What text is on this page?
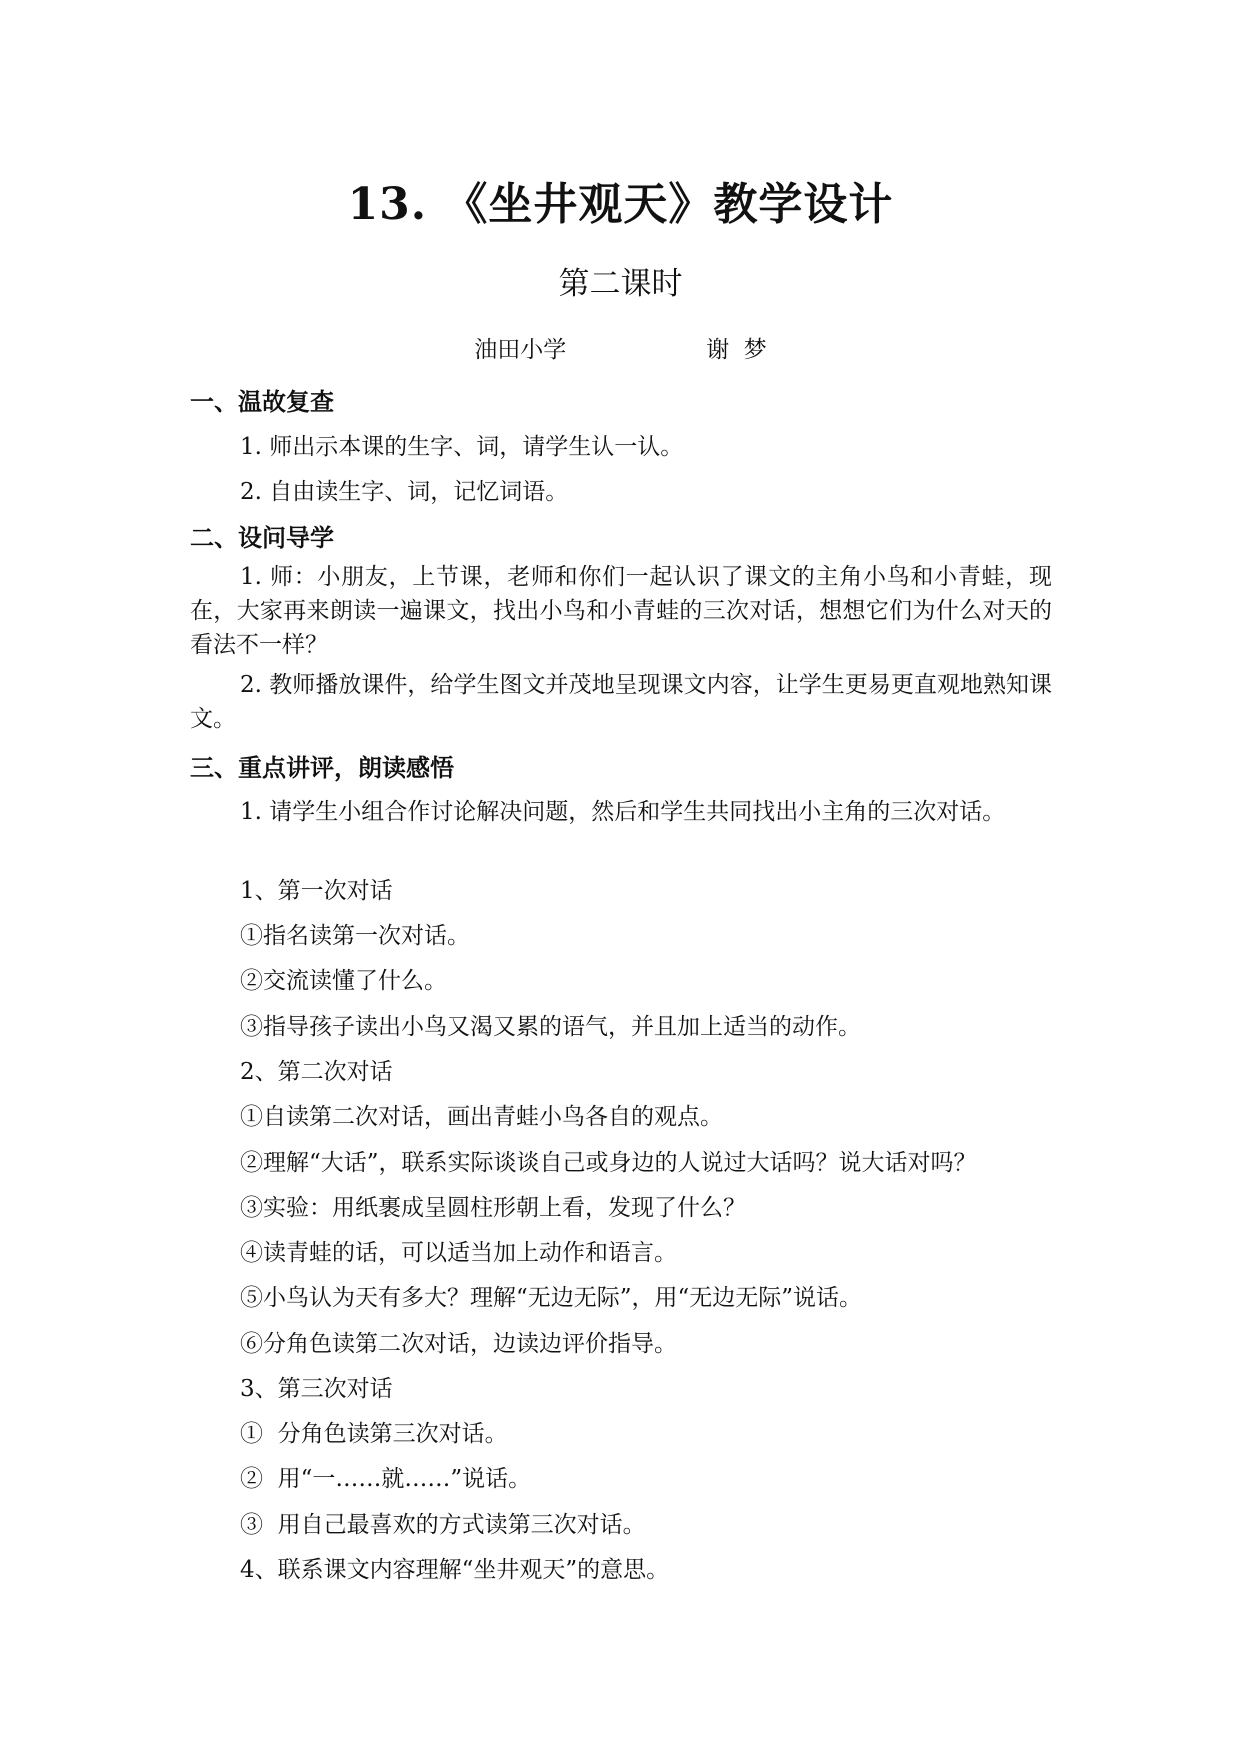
13. 《坐井观天》教学设计
第二课时
油田小学	谢  梦
一、温故复查
1. 师出示本课的生字、词，请学生认一认。
2. 自由读生字、词，记忆词语。
二、设问导学
1. 师：小朋友，上节课，老师和你们一起认识了课文的主角小鸟和小青蛙，现在，大家再来朗读一遍课文，找出小鸟和小青蛙的三次对话，想想它们为什么对天的看法不一样？
2. 教师播放课件，给学生图文并茂地呈现课文内容，让学生更易更直观地熟知课文。
三、重点讲评，朗读感悟
1. 请学生小组合作讨论解决问题，然后和学生共同找出小主角的三次对话。
1、第一次对话
①指名读第一次对话。
②交流读懂了什么。
③指导孩子读出小鸟又渴又累的语气，并且加上适当的动作。
2、第二次对话
①自读第二次对话，画出青蛙小鸟各自的观点。
②理解“大话”，联系实际谈谈自己或身边的人说过大话吗？说大话对吗？
③实验：用纸裹成呈圆柱形朝上看，发现了什么？
④读青蛙的话，可以适当加上动作和语言。
⑤小鸟认为天有多大？理解“无边无际”，用“无边无际”说话。
⑥分角色读第二次对话，边读边评价指导。
3、第三次对话
①  分角色读第三次对话。
②  用“一……就……”说话。
③  用自己最喜欢的方式读第三次对话。
4、联系课文内容理解“坐井观天”的意思。
